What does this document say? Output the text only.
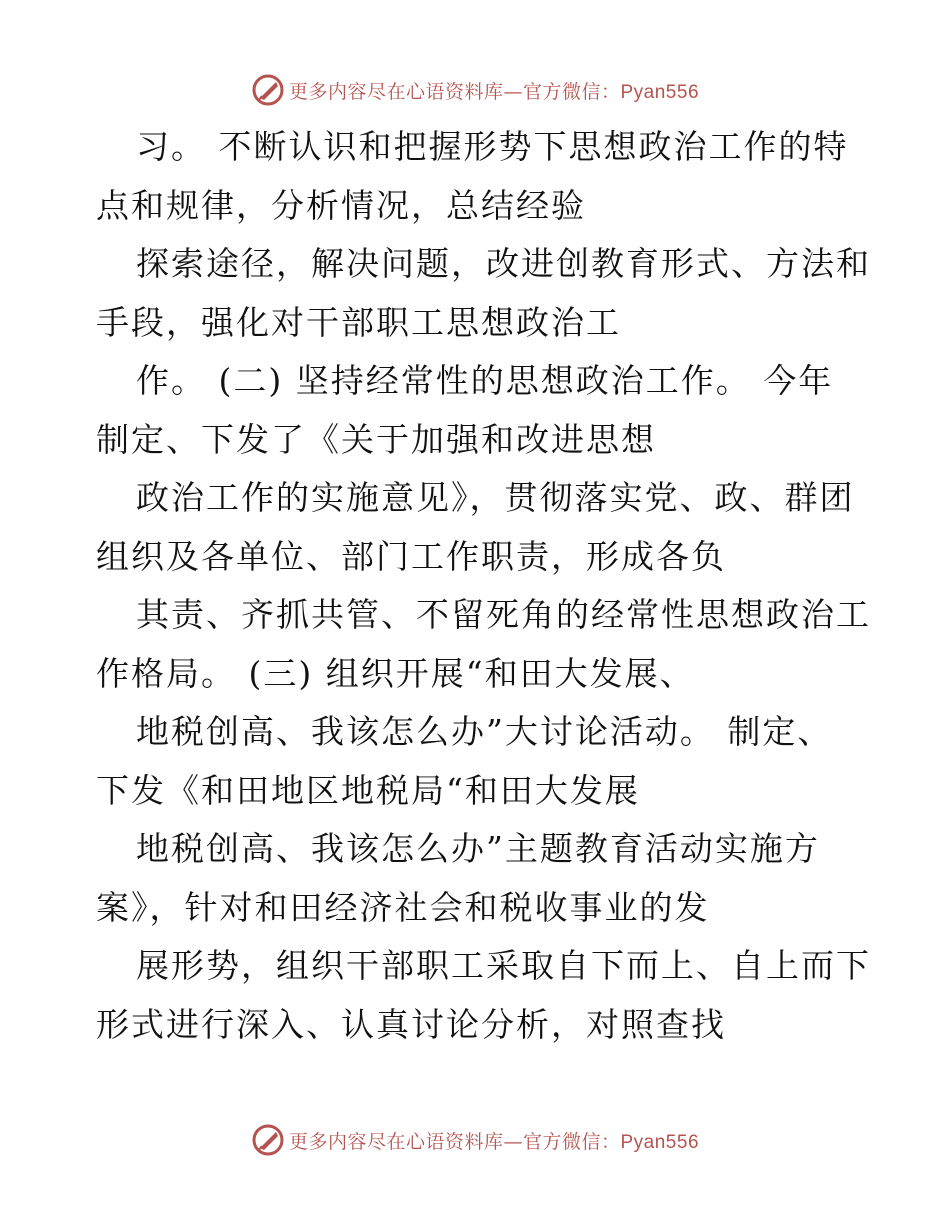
更多内容尽在心语资料库—官方微信：Pyan556
习。 不断认识和把握形势下思想政治工作的特
点和规律，分析情况，总结经验
探索途径，解决问题，改进创教育形式、方法和
手段，强化对干部职工思想政治工
作。 (二) 坚持经常性的思想政治工作。 今年
制定、下发了《关于加强和改进思想
政治工作的实施意见》，贯彻落实党、政、群团
组织及各单位、部门工作职责，形成各负
其责、齐抓共管、不留死角的经常性思想政治工
作格局。 (三) 组织开展“和田大发展、
地税创高、我该怎么办”大讨论活动。 制定、
下发《和田地区地税局“和田大发展
地税创高、我该怎么办”主题教育活动实施方
案》，针对和田经济社会和税收事业的发
展形势，组织干部职工采取自下而上、自上而下
形式进行深入、认真讨论分析，对照查找
更多内容尽在心语资料库—官方微信：Pyan556
